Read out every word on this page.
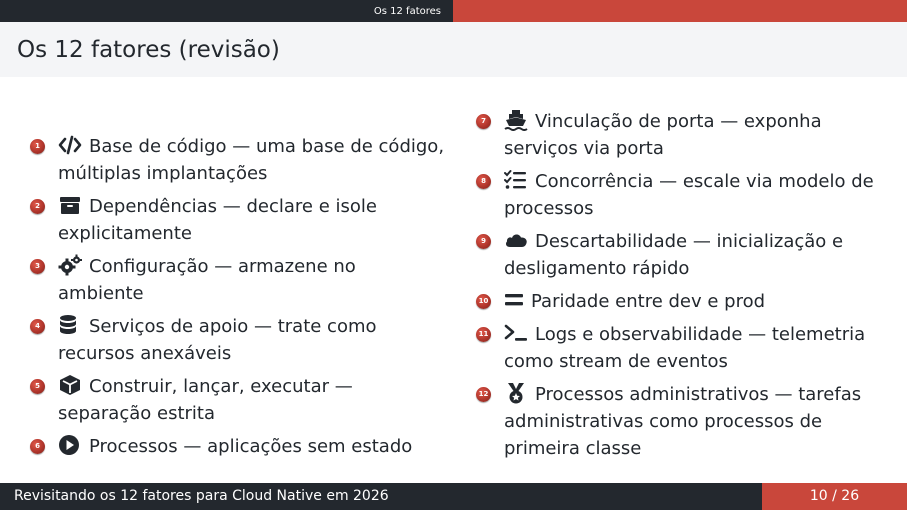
Os 12 fatores
Os 12 fatores (revisão)
1	Base de código — uma base de código, múltiplas implantações
2	Dependências — declare e isole explicitamente
3	Configuração — armazene no ambiente
4	Serviços de apoio — trate como recursos anexáveis
5	Construir, lançar, executar — separação estrita
6	Processos — aplicações sem estado
7	Vinculação de porta — exponha serviços via porta
8	Concorrência — escale via modelo de processos
9	Descartabilidade — inicialização e desligamento rápido
10 Paridade entre dev e prod
11	Logs e observabilidade — telemetria como stream de eventos
12	Processos administrativos — tarefas administrativas como processos de primeira classe
Revisitando os 12 fatores para Cloud Native em 2026	10 / 26
